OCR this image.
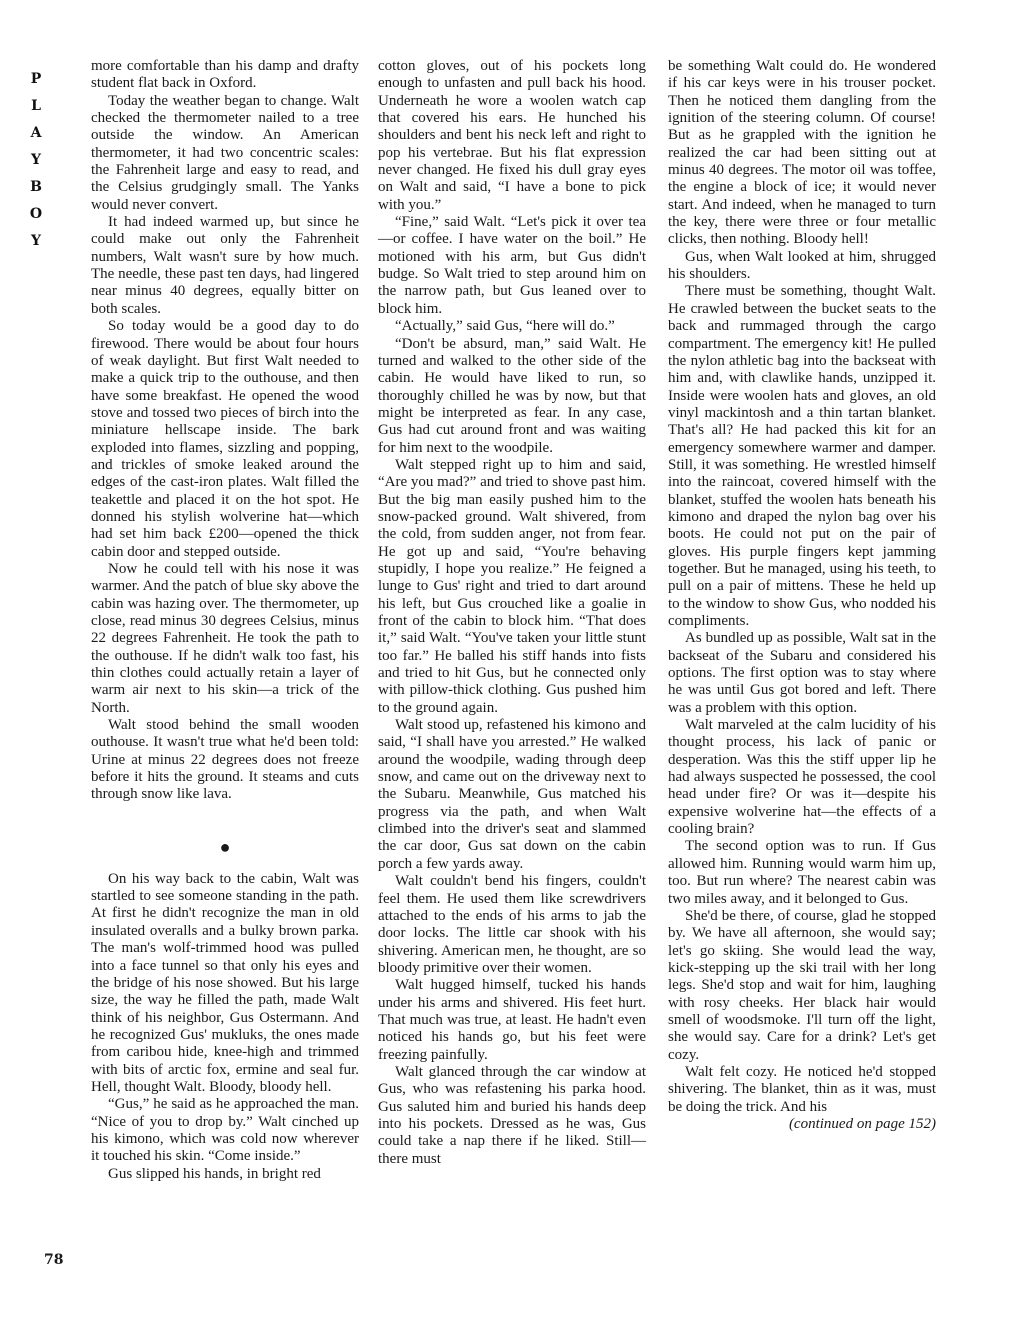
P
L
A
Y
B
O
Y

more comfortable than his damp and drafty student flat back in Oxford.

Today the weather began to change. Walt checked the thermometer nailed to a tree outside the window. An American thermometer, it had two concentric scales: the Fahrenheit large and easy to read, and the Celsius grudgingly small. The Yanks would never convert.

It had indeed warmed up, but since he could make out only the Fahrenheit numbers, Walt wasn't sure by how much. The needle, these past ten days, had lingered near minus 40 degrees, equally bitter on both scales.

So today would be a good day to do firewood. There would be about four hours of weak daylight. But first Walt needed to make a quick trip to the outhouse, and then have some breakfast. He opened the wood stove and tossed two pieces of birch into the miniature hellscape inside. The bark exploded into flames, sizzling and popping, and trickles of smoke leaked around the edges of the cast-iron plates. Walt filled the teakettle and placed it on the hot spot. He donned his stylish wolverine hat—which had set him back £200—opened the thick cabin door and stepped outside.

Now he could tell with his nose it was warmer. And the patch of blue sky above the cabin was hazing over. The thermometer, up close, read minus 30 degrees Celsius, minus 22 degrees Fahrenheit. He took the path to the outhouse. If he didn't walk too fast, his thin clothes could actually retain a layer of warm air next to his skin—a trick of the North.

Walt stood behind the small wooden outhouse. It wasn't true what he'd been told: Urine at minus 22 degrees does not freeze before it hits the ground. It steams and cuts through snow like lava.

●

On his way back to the cabin, Walt was startled to see someone standing in the path. At first he didn't recognize the man in old insulated overalls and a bulky brown parka. The man's wolf-trimmed hood was pulled into a face tunnel so that only his eyes and the bridge of his nose showed. But his large size, the way he filled the path, made Walt think of his neighbor, Gus Ostermann. And he recognized Gus' mukluks, the ones made from caribou hide, knee-high and trimmed with bits of arctic fox, ermine and seal fur. Hell, thought Walt. Bloody, bloody hell.

“Gus,” he said as he approached the man. “Nice of you to drop by.” Walt cinched up his kimono, which was cold now wherever it touched his skin. “Come inside.”

Gus slipped his hands, in bright red

cotton gloves, out of his pockets long enough to unfasten and pull back his hood. Underneath he wore a woolen watch cap that covered his ears. He hunched his shoulders and bent his neck left and right to pop his vertebrae. But his flat expression never changed. He fixed his dull gray eyes on Walt and said, “I have a bone to pick with you.”

“Fine,” said Walt. “Let's pick it over tea—or coffee. I have water on the boil.” He motioned with his arm, but Gus didn't budge. So Walt tried to step around him on the narrow path, but Gus leaned over to block him.

“Actually,” said Gus, “here will do.”

“Don't be absurd, man,” said Walt. He turned and walked to the other side of the cabin. He would have liked to run, so thoroughly chilled he was by now, but that might be interpreted as fear. In any case, Gus had cut around front and was waiting for him next to the woodpile.

Walt stepped right up to him and said, “Are you mad?” and tried to shove past him. But the big man easily pushed him to the snow-packed ground. Walt shivered, from the cold, from sudden anger, not from fear. He got up and said, “You're behaving stupidly, I hope you realize.” He feigned a lunge to Gus' right and tried to dart around his left, but Gus crouched like a goalie in front of the cabin to block him. “That does it,” said Walt. “You've taken your little stunt too far.” He balled his stiff hands into fists and tried to hit Gus, but he connected only with pillow-thick clothing. Gus pushed him to the ground again.

Walt stood up, refastened his kimono and said, “I shall have you arrested.” He walked around the woodpile, wading through deep snow, and came out on the driveway next to the Subaru. Meanwhile, Gus matched his progress via the path, and when Walt climbed into the driver's seat and slammed the car door, Gus sat down on the cabin porch a few yards away.

Walt couldn't bend his fingers, couldn't feel them. He used them like screwdrivers attached to the ends of his arms to jab the door locks. The little car shook with his shivering. American men, he thought, are so bloody primitive over their women.

Walt hugged himself, tucked his hands under his arms and shivered. His feet hurt. That much was true, at least. He hadn't even noticed his hands go, but his feet were freezing painfully.

Walt glanced through the car window at Gus, who was refastening his parka hood. Gus saluted him and buried his hands deep into his pockets. Dressed as he was, Gus could take a nap there if he liked. Still—there must

be something Walt could do. He wondered if his car keys were in his trouser pocket. Then he noticed them dangling from the ignition of the steering column. Of course! But as he grappled with the ignition he realized the car had been sitting out at minus 40 degrees. The motor oil was toffee, the engine a block of ice; it would never start. And indeed, when he managed to turn the key, there were three or four metallic clicks, then nothing. Bloody hell!

Gus, when Walt looked at him, shrugged his shoulders.

There must be something, thought Walt. He crawled between the bucket seats to the back and rummaged through the cargo compartment. The emergency kit! He pulled the nylon athletic bag into the backseat with him and, with clawlike hands, unzipped it. Inside were woolen hats and gloves, an old vinyl mackintosh and a thin tartan blanket. That's all? He had packed this kit for an emergency somewhere warmer and damper. Still, it was something. He wrestled himself into the raincoat, covered himself with the blanket, stuffed the woolen hats beneath his kimono and draped the nylon bag over his boots. He could not put on the pair of gloves. His purple fingers kept jamming together. But he managed, using his teeth, to pull on a pair of mittens. These he held up to the window to show Gus, who nodded his compliments.

As bundled up as possible, Walt sat in the backseat of the Subaru and considered his options. The first option was to stay where he was until Gus got bored and left. There was a problem with this option.

Walt marveled at the calm lucidity of his thought process, his lack of panic or desperation. Was this the stiff upper lip he had always suspected he possessed, the cool head under fire? Or was it—despite his expensive wolverine hat—the effects of a cooling brain?

The second option was to run. If Gus allowed him. Running would warm him up, too. But run where? The nearest cabin was two miles away, and it belonged to Gus.

She'd be there, of course, glad he stopped by. We have all afternoon, she would say; let's go skiing. She would lead the way, kick-stepping up the ski trail with her long legs. She'd stop and wait for him, laughing with rosy cheeks. Her black hair would smell of woodsmoke. I'll turn off the light, she would say. Care for a drink? Let's get cozy.

Walt felt cozy. He noticed he'd stopped shivering. The blanket, thin as it was, must be doing the trick. And his

(continued on page 152)

78
